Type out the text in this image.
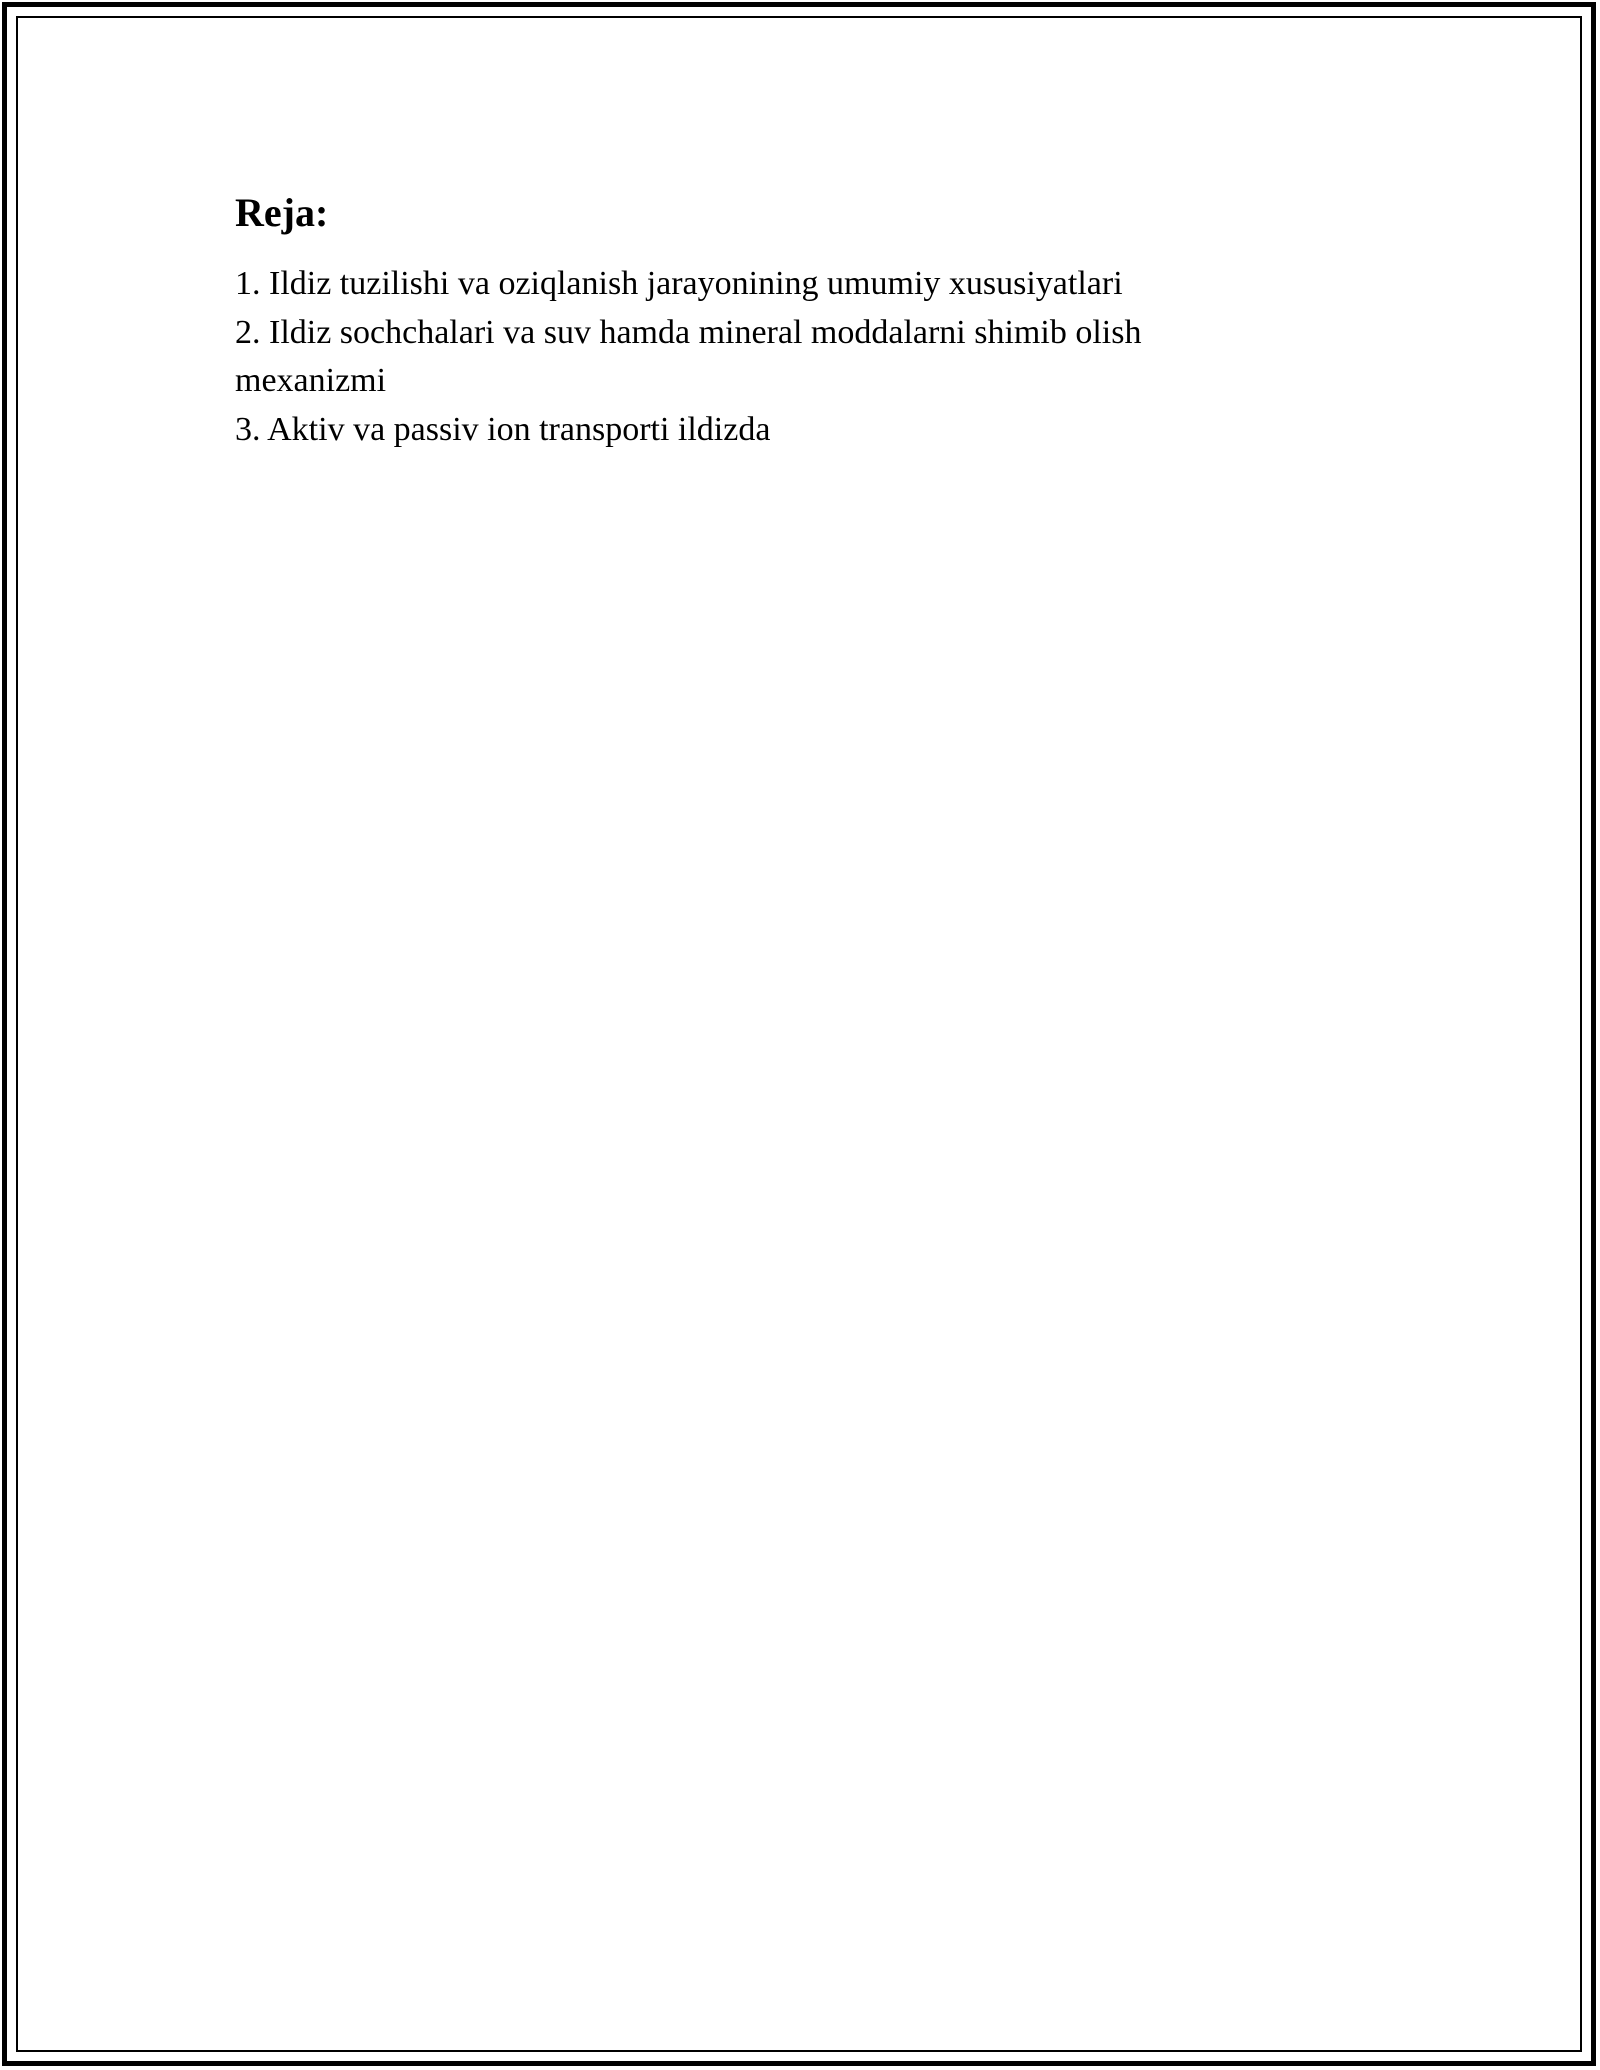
Reja:
1. Ildiz tuzilishi va oziqlanish jarayonining umumiy xususiyatlari
2. Ildiz sochchalari va suv hamda mineral moddalarni shimib olish mexanizmi
3. Aktiv va passiv ion transporti ildizda
